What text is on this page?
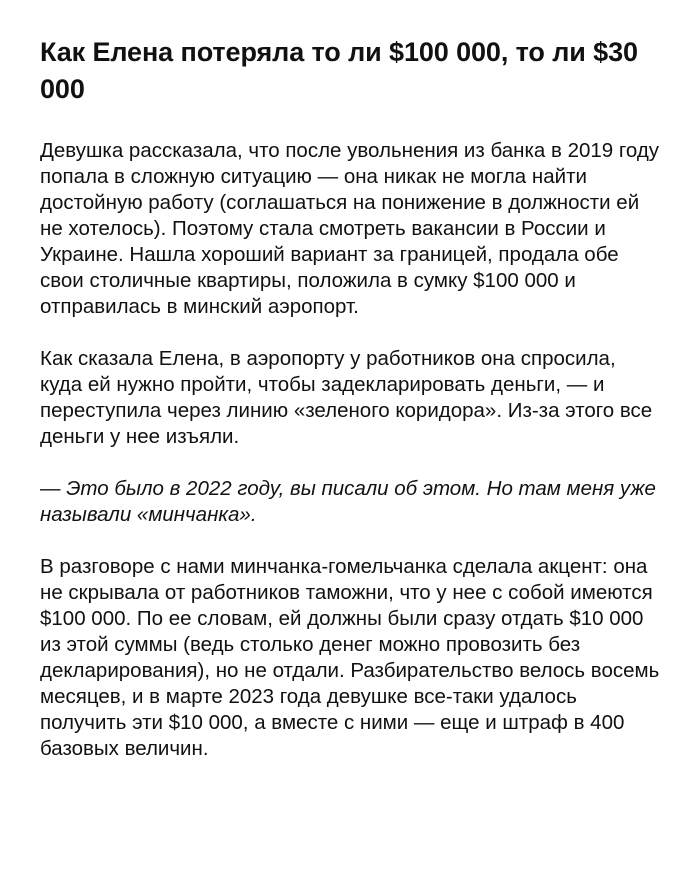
Как Елена потеряла то ли $100 000, то ли $30 000

Девушка рассказала, что после увольнения из банка в 2019 году попала в сложную ситуацию — она никак не могла найти достойную работу (соглашаться на понижение в должности ей не хотелось). Поэтому стала смотреть вакансии в России и Украине. Нашла хороший вариант за границей, продала обе свои столичные квартиры, положила в сумку $100 000 и отправилась в минский аэропорт.

Как сказала Елена, в аэропорту у работников она спросила, куда ей нужно пройти, чтобы задекларировать деньги, — и переступила через линию «зеленого коридора». Из-за этого все деньги у нее изъяли.

— Это было в 2022 году, вы писали об этом. Но там меня уже называли «минчанка».

В разговоре с нами минчанка-гомельчанка сделала акцент: она не скрывала от работников таможни, что у нее с собой имеются $100 000. По ее словам, ей должны были сразу отдать $10 000 из этой суммы (ведь столько денег можно провозить без декларирования), но не отдали. Разбирательство велось восемь месяцев, и в марте 2023 года девушке все-таки удалось получить эти $10 000, а вместе с ними — еще и штраф в 400 базовых величин.
